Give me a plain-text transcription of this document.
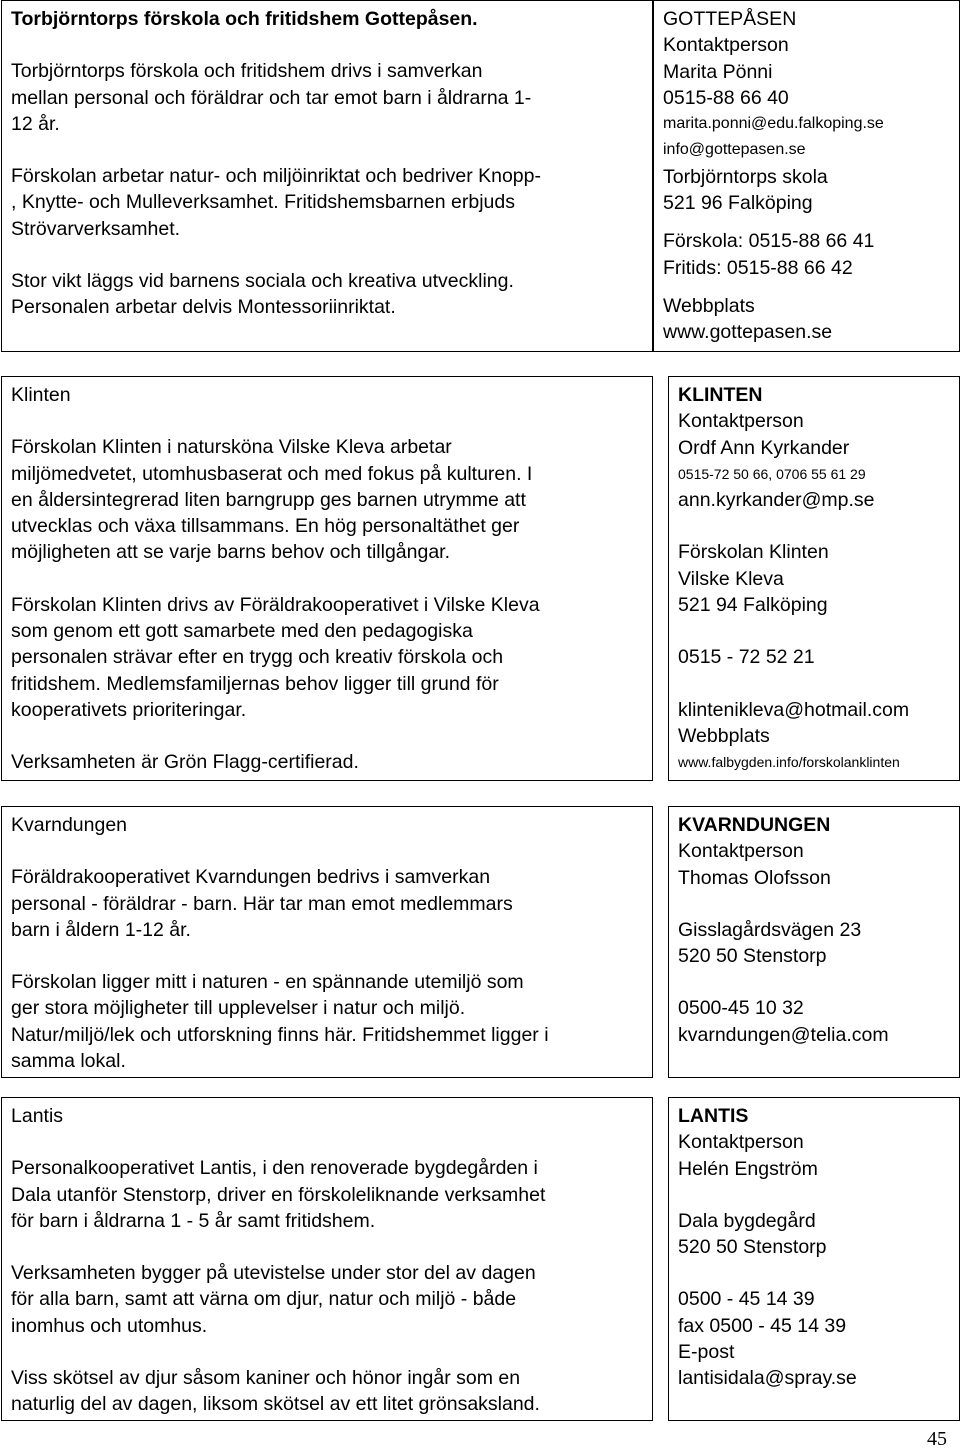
Torbjörntorps förskola och fritidshem Gottepåsen.
Torbjörntorps förskola och fritidshem drivs i samverkan
mellan personal och föräldrar och tar emot barn i åldrarna 1-
12 år.
Förskolan arbetar natur- och miljöinriktat och bedriver Knopp-
, Knytte- och Mulleverksamhet. Fritidshemsbarnen erbjuds
Strövarverksamhet.
Stor vikt läggs vid barnens sociala och kreativa utveckling.
Personalen arbetar delvis Montessoriinriktat.
GOTTEPÅSEN
Kontaktperson
Marita Pönni
0515-88 66 40
marita.ponni@edu.falkoping.se
info@gottepasen.se
Torbjörntorps skola
521 96 Falköping
Förskola: 0515-88 66 41
Fritids: 0515-88 66 42
Webbplats
www.gottepasen.se
Klinten
Förskolan Klinten i natursköna Vilske Kleva arbetar
miljömedvetet, utomhusbaserat och med fokus på kulturen. I
en åldersintegrerad liten barngrupp ges barnen utrymme att
utvecklas och växa tillsammans. En hög personaltäthet ger
möjligheten att se varje barns behov och tillgångar.
Förskolan Klinten drivs av Föräldrakooperativet i Vilske Kleva
som genom ett gott samarbete med den pedagogiska
personalen strävar efter en trygg och kreativ förskola och
fritidshem. Medlemsfamiljernas behov ligger till grund för
kooperativets prioriteringar.
Verksamheten är Grön Flagg-certifierad.
KLINTEN
Kontaktperson
Ordf Ann Kyrkander
0515-72 50 66, 0706 55 61 29
ann.kyrkander@mp.se
Förskolan Klinten
Vilske Kleva
521 94 Falköping
0515 - 72 52 21
klintenikleva@hotmail.com
Webbplats
www.falbygden.info/forskolanklinten
Kvarndungen
Föräldrakooperativet Kvarndungen bedrivs i samverkan
personal - föräldrar - barn. Här tar man emot medlemmars
barn i åldern 1-12 år.
Förskolan ligger mitt i naturen - en spännande utemiljö som
ger stora möjligheter till upplevelser i natur och miljö.
Natur/miljö/lek och utforskning finns här. Fritidshemmet ligger i
samma lokal.
KVARNDUNGEN
Kontaktperson
Thomas Olofsson
Gisslagårdsvägen 23
520 50 Stenstorp
0500-45 10 32
kvarndungen@telia.com
Lantis
Personalkooperativet Lantis, i den renoverade bygdegården i
Dala utanför Stenstorp, driver en förskoleliknande verksamhet
för barn i åldrarna 1 - 5 år samt fritidshem.
Verksamheten bygger på utevistelse under stor del av dagen
för alla barn, samt att värna om djur, natur och miljö - både
inomhus och utomhus.
Viss skötsel av djur såsom kaniner och hönor ingår som en
naturlig del av dagen, liksom skötsel av ett litet grönsaksland.
LANTIS
Kontaktperson
Helén Engström
Dala bygdegård
520 50 Stenstorp
0500 - 45 14 39
fax 0500 - 45 14 39
E-post
lantisidala@spray.se
45
